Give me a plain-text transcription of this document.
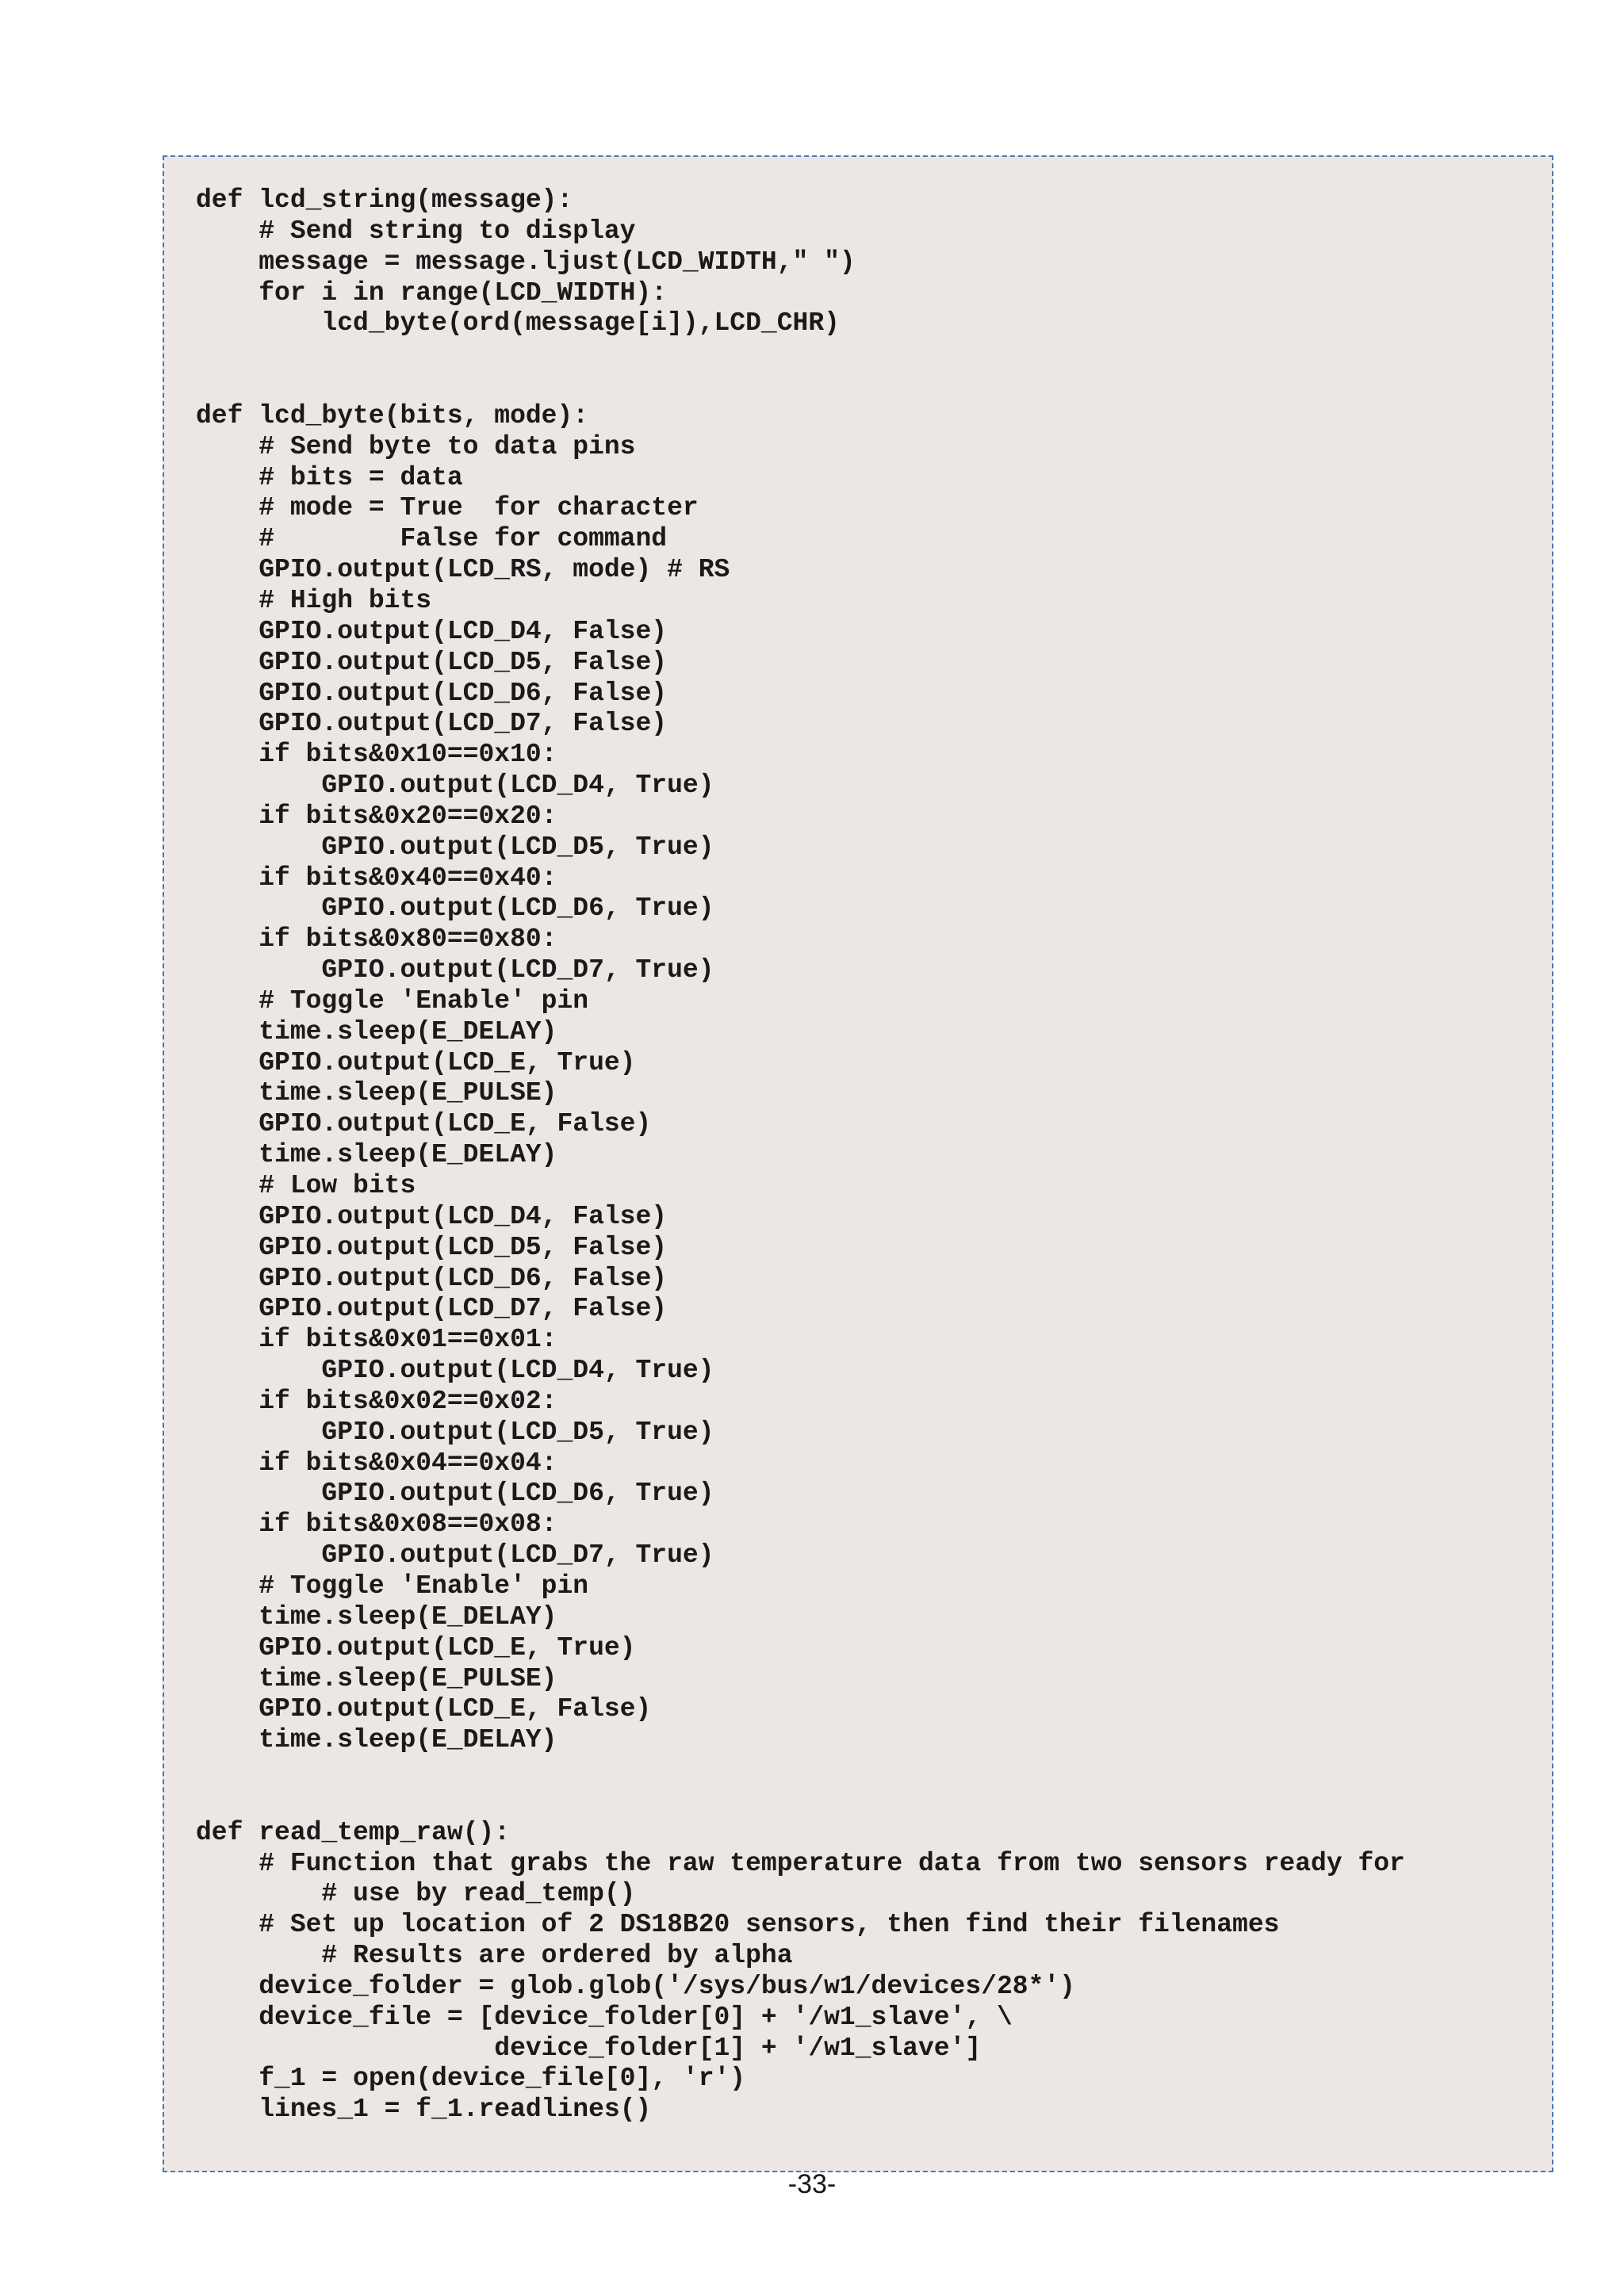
def lcd_string(message):
# Send string to display
message = message.ljust(LCD_WIDTH," ")
for i in range(LCD_WIDTH):
lcd_byte(ord(message[i]),LCD_CHR)
def lcd_byte(bits, mode):
# Send byte to data pins
# bits = data
# mode = True  for character
#        False for command
GPIO.output(LCD_RS, mode) # RS
# High bits
GPIO.output(LCD_D4, False)
GPIO.output(LCD_D5, False)
GPIO.output(LCD_D6, False)
GPIO.output(LCD_D7, False)
if bits&0x10==0x10:
GPIO.output(LCD_D4, True)
if bits&0x20==0x20:
GPIO.output(LCD_D5, True)
if bits&0x40==0x40:
GPIO.output(LCD_D6, True)
if bits&0x80==0x80:
GPIO.output(LCD_D7, True)
# Toggle 'Enable' pin
time.sleep(E_DELAY)
GPIO.output(LCD_E, True)
time.sleep(E_PULSE)
GPIO.output(LCD_E, False)
time.sleep(E_DELAY)
# Low bits
GPIO.output(LCD_D4, False)
GPIO.output(LCD_D5, False)
GPIO.output(LCD_D6, False)
GPIO.output(LCD_D7, False)
if bits&0x01==0x01:
GPIO.output(LCD_D4, True)
if bits&0x02==0x02:
GPIO.output(LCD_D5, True)
if bits&0x04==0x04:
GPIO.output(LCD_D6, True)
if bits&0x08==0x08:
GPIO.output(LCD_D7, True)
# Toggle 'Enable' pin
time.sleep(E_DELAY)
GPIO.output(LCD_E, True)
time.sleep(E_PULSE)
GPIO.output(LCD_E, False)
time.sleep(E_DELAY)
def read_temp_raw():
# Function that grabs the raw temperature data from two sensors ready for
# use by read_temp()
# Set up location of 2 DS18B20 sensors, then find their filenames
# Results are ordered by alpha
device_folder = glob.glob('/sys/bus/w1/devices/28*')
device_file = [device_folder[0] + '/w1_slave', \
device_folder[1] + '/w1_slave']
f_1 = open(device_file[0], 'r')
lines_1 = f_1.readlines()
-33-
